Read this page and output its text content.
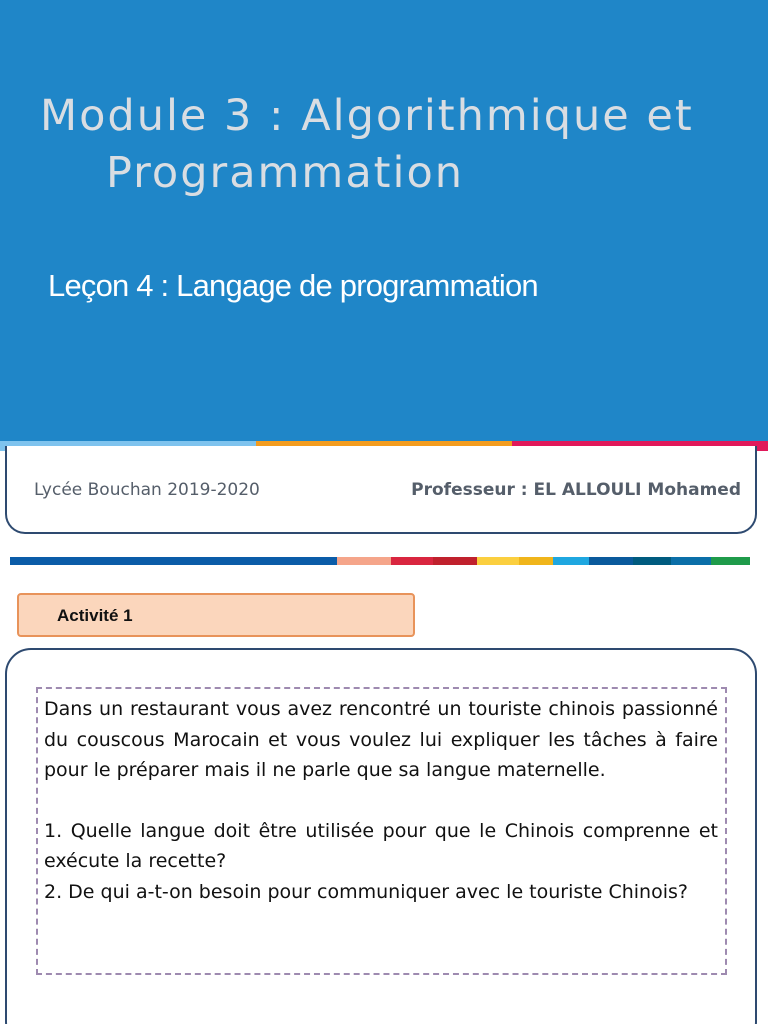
Module 3 : Algorithmique et
Programmation
Leçon 4 : Langage de programmation
Lycée Bouchan 2019-2020	Professeur : EL ALLOULI Mohamed
Activité 1

Dans un restaurant vous avez rencontré un touriste chinois passionné du couscous Marocain et vous voulez lui expliquer les tâches à faire pour le préparer mais il ne parle que sa langue maternelle.

1. Quelle langue doit être utilisée pour que le Chinois comprenne et exécute la recette?

2. De qui a-t-on besoin pour communiquer avec le touriste Chinois?
